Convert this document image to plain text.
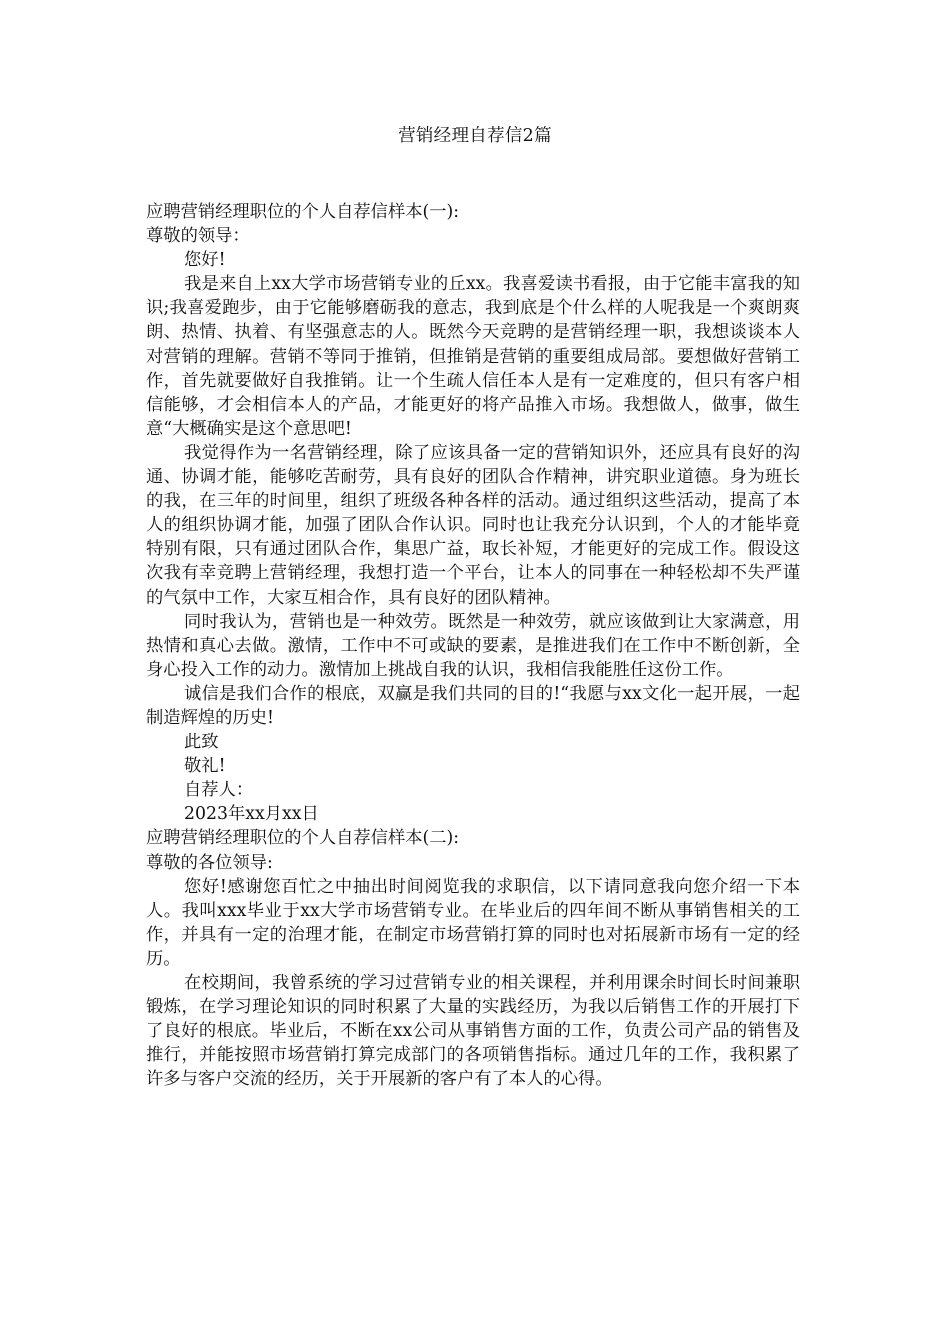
营销经理自荐信2篇

应聘营销经理职位的个人自荐信样本(一):

尊敬的领导：

您好!

我是来自上xx大学市场营销专业的丘xx。我喜爱读书看报，由于它能丰富我的知识;我喜爱跑步，由于它能够磨砺我的意志，我到底是个什么样的人呢我是一个爽朗爽朗、热情、执着、有坚强意志的人。既然今天竞聘的是营销经理一职，我想谈谈本人对营销的理解。营销不等同于推销，但推销是营销的重要组成局部。要想做好营销工作，首先就要做好自我推销。让一个生疏人信任本人是有一定难度的，但只有客户相信能够，才会相信本人的产品，才能更好的将产品推入市场。我想做人，做事，做生意“大概确实是这个意思吧!

我觉得作为一名营销经理，除了应该具备一定的营销知识外，还应具有良好的沟通、协调才能，能够吃苦耐劳，具有良好的团队合作精神，讲究职业道德。身为班长的我，在三年的时间里，组织了班级各种各样的活动。通过组织这些活动，提高了本人的组织协调才能，加强了团队合作认识。同时也让我充分认识到，个人的才能毕竟特别有限，只有通过团队合作，集思广益，取长补短，才能更好的完成工作。假设这次我有幸竞聘上营销经理，我想打造一个平台，让本人的同事在一种轻松却不失严谨的气氛中工作，大家互相合作，具有良好的团队精神。

同时我认为，营销也是一种效劳。既然是一种效劳，就应该做到让大家满意，用热情和真心去做。激情，工作中不可或缺的要素，是推进我们在工作中不断创新，全身心投入工作的动力。激情加上挑战自我的认识，我相信我能胜任这份工作。

诚信是我们合作的根底，双赢是我们共同的目的!“我愿与xx文化一起开展，一起制造辉煌的历史!

此致

敬礼!

自荐人：

2023年xx月xx日

应聘营销经理职位的个人自荐信样本(二):

尊敬的各位领导:

您好!感谢您百忙之中抽出时间阅览我的求职信，以下请同意我向您介绍一下本人。我叫xxx毕业于xx大学市场营销专业。在毕业后的四年间不断从事销售相关的工作，并具有一定的治理才能，在制定市场营销打算的同时也对拓展新市场有一定的经历。

在校期间，我曾系统的学习过营销专业的相关课程，并利用课余时间长时间兼职锻炼，在学习理论知识的同时积累了大量的实践经历，为我以后销售工作的开展打下了良好的根底。毕业后，不断在xx公司从事销售方面的工作，负责公司产品的销售及推行，并能按照市场营销打算完成部门的各项销售指标。通过几年的工作，我积累了许多与客户交流的经历，关于开展新的客户有了本人的心得。
